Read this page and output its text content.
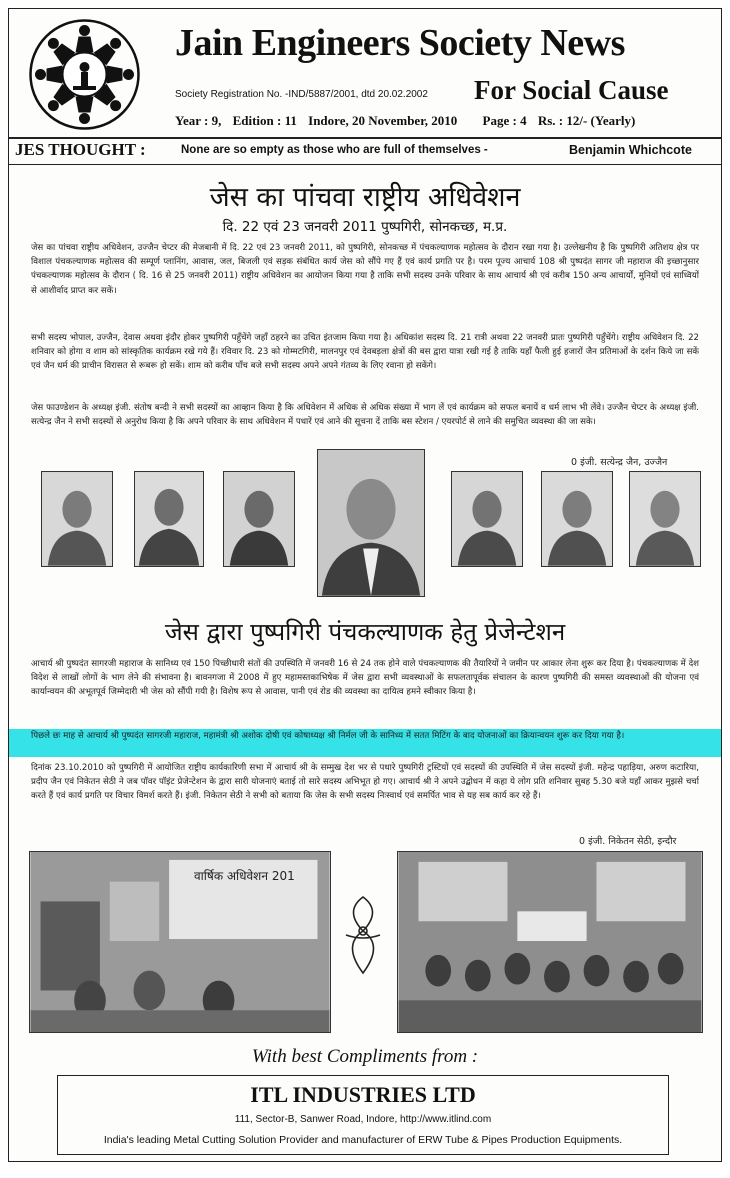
Jain Engineers Society News
Society Registration No. -IND/5887/2001, dtd 20.02.2002 For Social Cause
Year : 9, Edition : 11 Indore, 20 November, 2010 Page : 4 Rs. : 12/- (Yearly)
JES THOUGHT :	None are so empty as those who are full of themselves -	Benjamin Whichcote
जेस का पांचवा राष्ट्रीय अधिवेशन
दि. 22 एवं 23 जनवरी 2011 पुष्पगिरी, सोनकच्छ, म.प्र.
जेस का पांचवा राष्ट्रीय अधिवेशन, उज्जैन चेप्टर की मेजबानी में दि. 22 एवं 23 जनवरी 2011, को पुष्पगिरी, सोनकच्छ में पंचकल्याणक महोत्सव के दौरान रखा गया है। उल्लेखनीय है कि पुष्पगिरी अतिशय क्षेत्र पर विशाल पंचकल्याणक महोत्सव की सम्पूर्ण प्लानिंग, आवास, जल, बिजली एवं सड़क संबंधित कार्य जेस को सौंपे गए हैं एवं कार्य प्रगति पर है। परम पूज्य आचार्य 108 श्री पुष्पदंत सागर जी महाराज की इच्छानुसार पंचकल्याणक महोत्सव के दौरान ( दि. 16 से 25 जनवरी 2011) राष्ट्रीय अधिवेशन का आयोजन किया गया है ताकि सभी सदस्य उनके परिवार के साथ आचार्य श्री एवं करीब 150 अन्य आचार्यों, मुनियों एवं साध्वियों से आशीर्वाद प्राप्त कर सकें।
सभी सदस्य भोपाल, उज्जैन, देवास अथवा इंदौर होकर पुष्पगिरी पहुँचेंगे जहाँ ठहरने का उचित इंतजाम किया गया है। अधिकांश सदस्य दि. 21 रात्री अथवा 22 जनवरी प्रातः पुष्पगिरी पहुँचेंगे। राष्ट्रीय अधिवेशन दि. 22 शनिवार को होगा व शाम को सांस्कृतिक कार्यक्रम रखे गये हैं। रविवार दि. 23 को गोम्मटगिरी, मालनपुर एवं देवबड़ला क्षेत्रों की बस द्वारा यात्रा रखी गई है ताकि यहाँ फैली हुई हजारों जैन प्रतिमाओं के दर्शन किये जा सकें एवं जैन धर्म की प्राचीन विरासत से रूबरू हो सकें। शाम को करीब पाँच बजे सभी सदस्य अपने अपने गंतव्य के लिए रवाना हो सकेंगे।
जेस फाउण्डेशन के अध्यक्ष इंजी. संतोष बन्दी ने सभी सदस्यों का आव्हान किया है कि अधिवेशन में अधिक से अधिक संख्या में भाग लें एवं कार्यक्रम को सफल बनायें व धर्म लाभ भी लेंवे। उज्जैन चेप्टर के अध्यक्ष इंजी. सत्येन्द्र जैन ने सभी सदस्यों से अनुरोध किया है कि अपने परिवार के साथ अधिवेशन में पधारें एवं आने की सूचना दें ताकि बस स्टेशन / एयरपोर्ट से लाने की समुचित व्यवस्था की जा सके।
0 इंजी. सत्येन्द्र जैन, उज्जैन
जेस द्वारा पुष्पगिरी पंचकल्याणक हेतु प्रेजेन्टेशन
आचार्य श्री पुष्पदंत सागरजी महाराज के सानिध्य एवं 150 पिच्छीधारी संतों की उपस्थिति में जनवरी 16 से 24 तक होने वाले पंचकल्याणक की तैयारियों ने जमीन पर आकार लेना शुरू कर दिया है। पंचकल्याणक में देश विदेश से लाखों लोगों के भाग लेने की संभावना है। बावनगजा में 2008 में हुए महामस्तकाभिषेक में जेस द्वारा सभी व्यवस्थाओं के सफलतापूर्वक संचालन के कारण पुष्पगिरी की समस्त व्यवस्थाओं की योजना एवं कार्यान्वयन की अभूतपूर्व जिम्मेदारी भी जेस को सौंपी गयी है। विशेष रूप से आवास, पानी एवं रोड की व्यवस्था का दायित्व हमने स्वीकार किया है।
पिछले छः माह से आचार्य श्री पुष्पदंत सागरजी महाराज, महामंत्री श्री अशोक दोषी एवं कोषाध्यक्ष श्री निर्मल जी के सानिध्य में सतत मिटिंग के बाद योजनाओं का क्रियान्वयन शुरू कर दिया गया है।
दिनांक 23.10.2010 को पुष्पगिरी में आयोजित राष्ट्रीय कार्यकारिणी सभा में आचार्य श्री के सम्मुख देश भर से पधारे पुष्पगिरी ट्रस्टियों एवं सदस्यों की उपस्थिति में जेस सदस्यों इंजी. महेन्द्र पहाड़िया, अरुण कटारिया, प्रदीप जैन एवं निकेतन सेठी ने जब पॉवर पॉइंट प्रेजेन्टेशन के द्वारा सारी योजनाएं बताई तो सारे सदस्य अभिभूत हो गए। आचार्य श्री ने अपने उद्बोधन में कहा ये लोग प्रति शनिवार सुबह 5.30 बजे यहाँ आकर मुझसे चर्चा करते हैं एवं कार्य प्रगति पर विचार विमर्श करते हैं। इंजी. निकेतन सेठी ने सभी को बताया कि जेस के सभी सदस्य निःस्वार्थ एवं समर्पित भाव से यह सब कार्य कर रहे हैं।
0 इंजी. निकेतन सेठी, इन्दौर
वार्षिक अधिवेशन 201
With best Compliments from :
ITL INDUSTRIES LTD
111, Sector-B, Sanwer Road, Indore, http://www.itlind.com
India's leading Metal Cutting Solution Provider and manufacturer of ERW Tube & Pipes Production Equipments.
